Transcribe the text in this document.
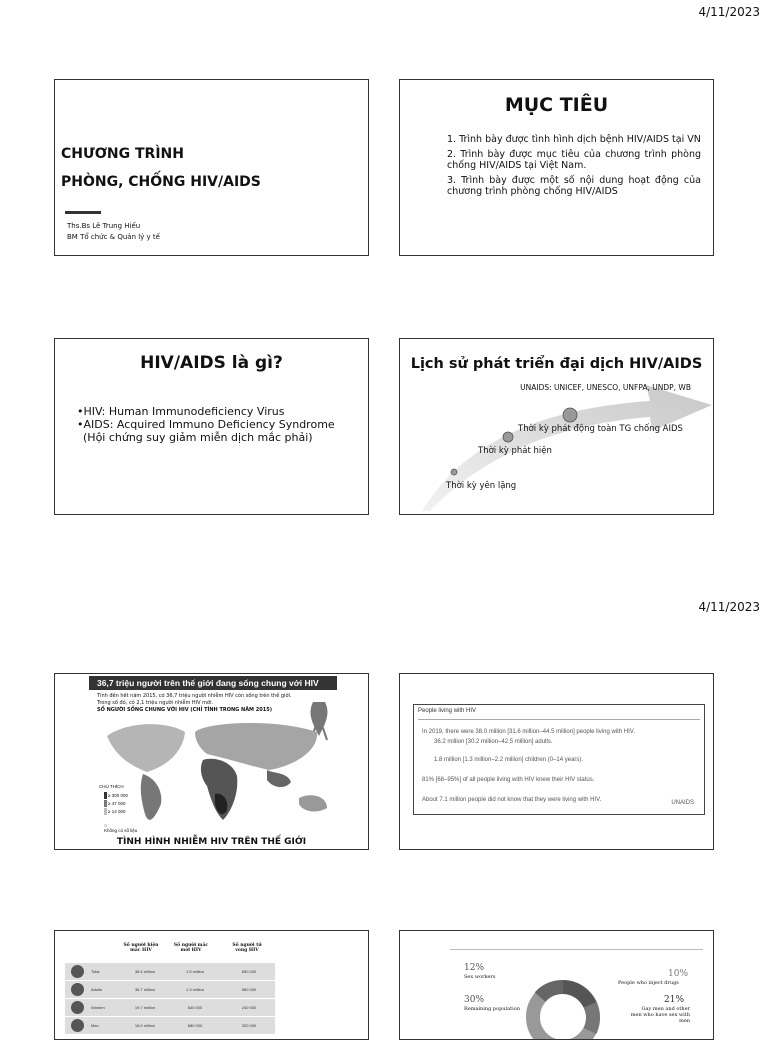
4/11/2023
CHƯƠNG TRÌNH
PHÒNG, CHỐNG HIV/AIDS
Ths.Bs Lê Trung Hiếu
BM Tổ chức & Quản lý y tế
MỤC TIÊU
1. Trình bày được tình hình dịch bệnh HIV/AIDS tại VN
2. Trình bày được mục tiêu của chương trình phòng chống HIV/AIDS tại Việt Nam.
3. Trình bày được một số nội dung hoạt động của chương trình phòng chống HIV/AIDS
HIV/AIDS là gì?
•HIV: Human Immunodeficiency Virus
•AIDS: Acquired Immuno Deficiency Syndrome
(Hội chứng suy giảm miễn dịch mắc phải)
Lịch sử phát triển đại dịch HIV/AIDS
UNAIDS: UNICEF, UNESCO, UNFPA, UNDP, WB
Thời kỳ phát động toàn TG chống AIDS
Thời kỳ phát hiện
Thời kỳ yên lặng
4/11/2023
36,7 triệu người trên thế giới đang sống chung với HIV
Tính đến hết năm 2015, có 36,7 triệu người nhiễm HIV còn sống trên thế giới.
Trong số đó, có 2,1 triệu người nhiễm HIV mới.
SỐ NGƯỜI SỐNG CHUNG VỚI HIV (CHỈ TÍNH TRONG NĂM 2015)
CHÚ THÍCH
≥ 300 000
≥ 47 000
≥ 14 000
Không có số liệu
TÌNH HÌNH NHIỄM HIV TRÊN THẾ GIỚI
People living with HIV
In 2019, there were 38.0 million [31.6 million–44.5 million] people living with HIV.
36.2 million [30.2 million–42.5 million] adults.
1.8 million [1.3 million–2.2 million] children (0–14 years).
81% [68–95%] of all people living with HIV knew their HIV status.
About 7.1 million people did not know that they were living with HIV.	UNAIDS
Số người hiện mắc HIV
Số người mắc mới HIV
Số người tử vong HIV
Total	38.4 million	1.5 million	650 000
Adults	36.7 million	1.3 million	560 000
Women	19.7 million	640 000	240 000
Men	16.9 million	680 000	320 000
12%
Sex workers	10%
People who inject drugs
30%
Remaining population
21%
Gay men and other men who have sex with men
